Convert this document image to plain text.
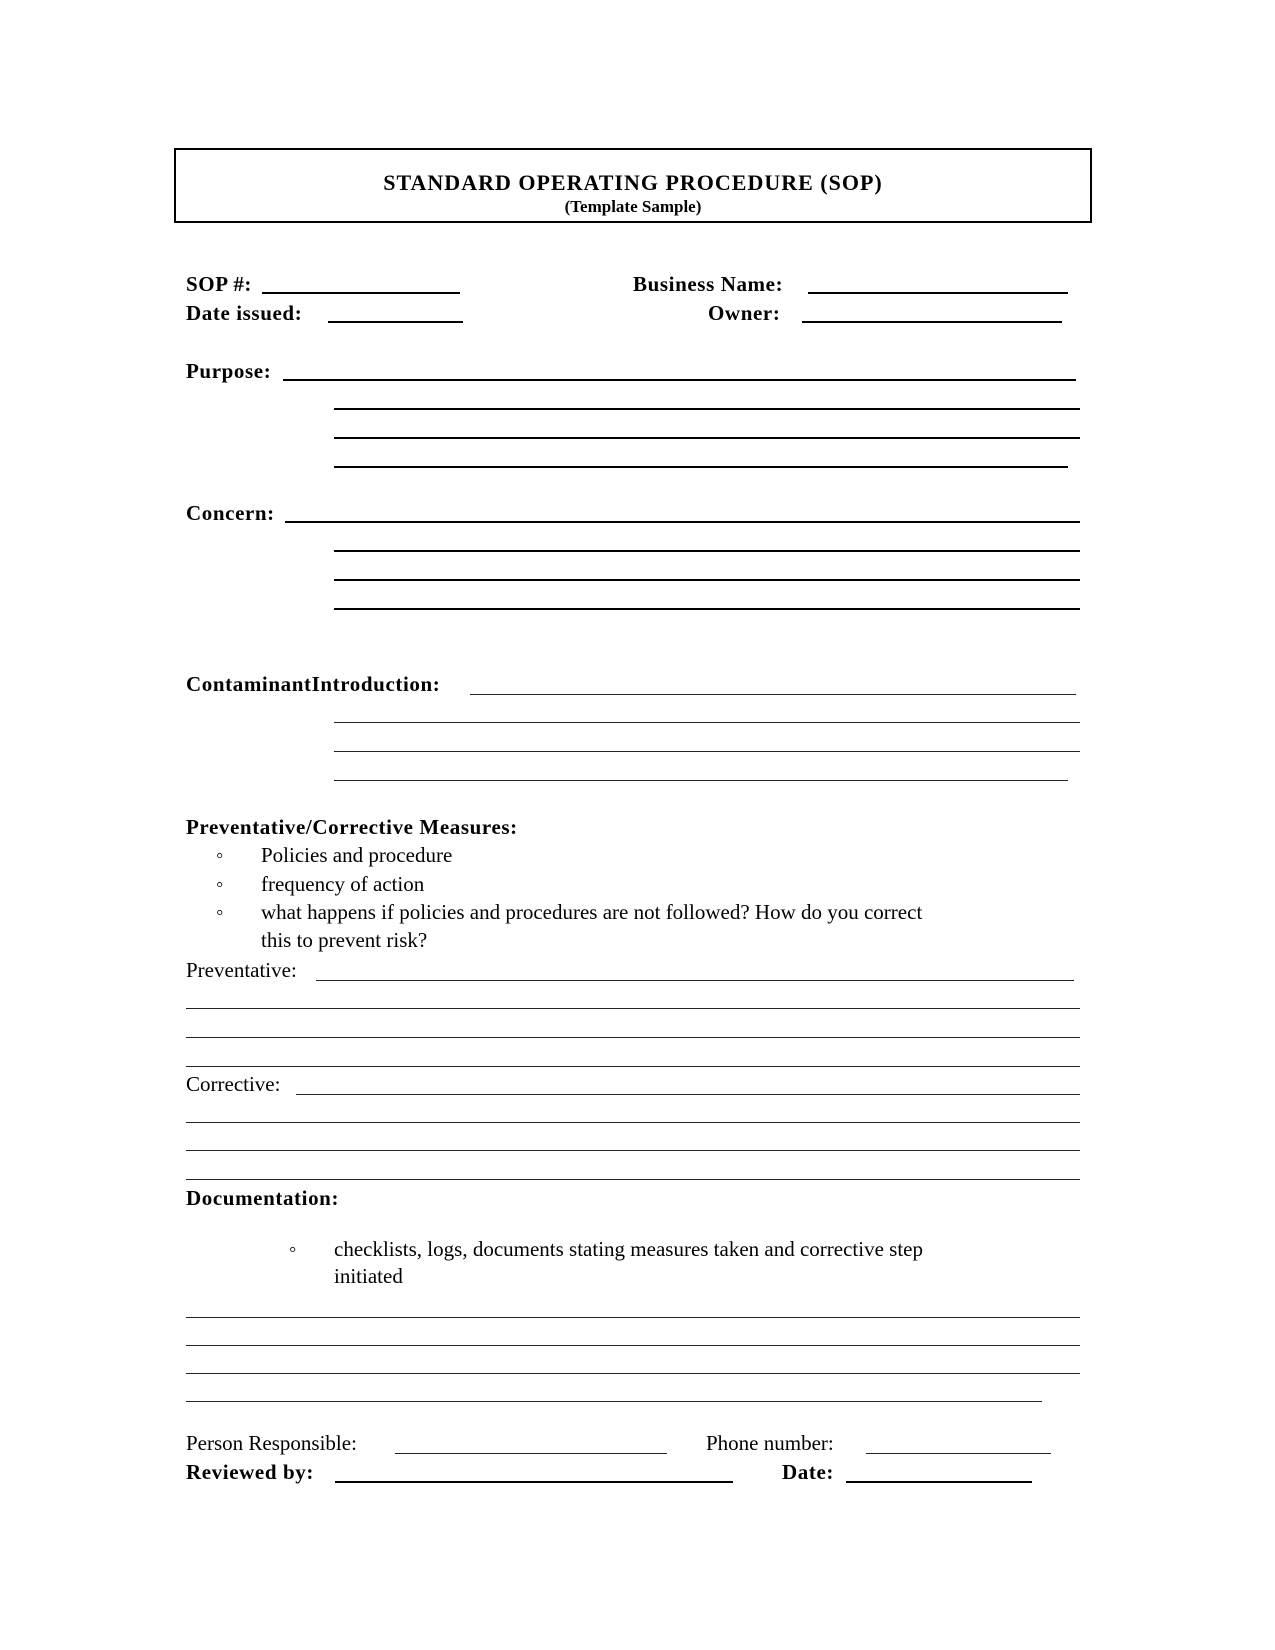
STANDARD OPERATING PROCEDURE (SOP)
(Template Sample)
SOP #:	Business Name:
Date issued:	Owner:
Purpose:
Concern:
ContaminantIntroduction:
Preventative/Corrective Measures:
◦ Policies and procedure
◦ frequency of action
◦ what happens if policies and procedures are not followed? How do you correct
this to prevent risk?
Preventative:
Corrective:
Documentation:
◦ checklists, logs, documents stating measures taken and corrective step
initiated
Person Responsible:	Phone number:
Reviewed by:	Date:
